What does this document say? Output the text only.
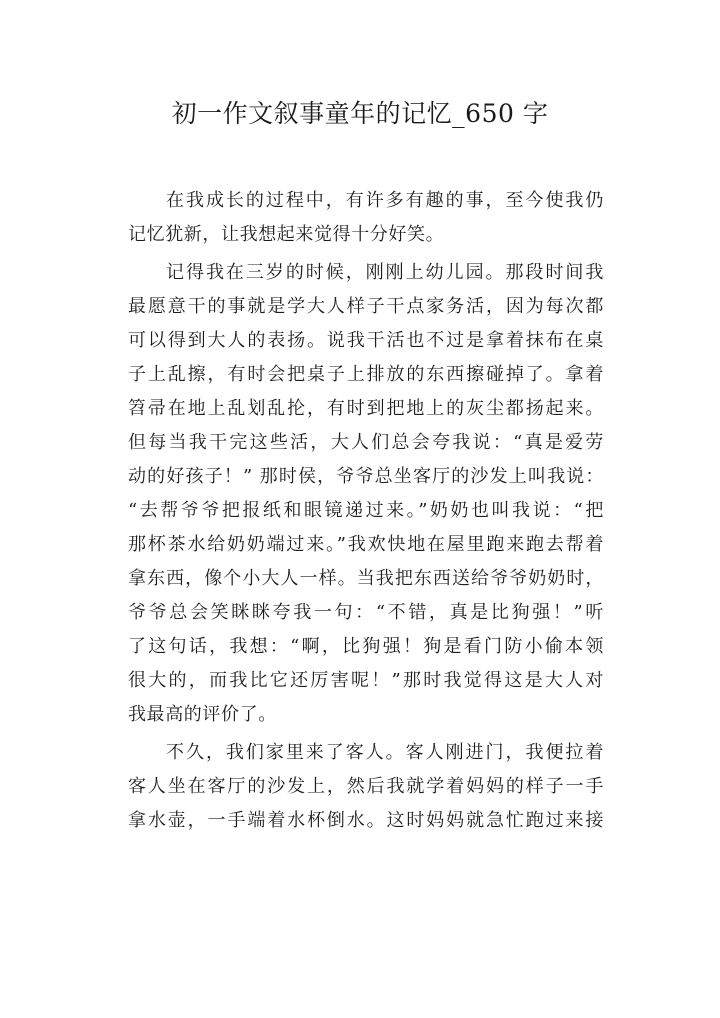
初一作文叙事童年的记忆_650 字
在我成长的过程中，有许多有趣的事，至今使我仍
记忆犹新，让我想起来觉得十分好笑。
记得我在三岁的时候，刚刚上幼儿园。那段时间我
最愿意干的事就是学大人样子干点家务活，因为每次都
可以得到大人的表扬。说我干活也不过是拿着抹布在桌
子上乱擦，有时会把桌子上排放的东西擦碰掉了。拿着
笤帚在地上乱划乱抡，有时到把地上的灰尘都扬起来。
但每当我干完这些活，大人们总会夸我说：“真是爱劳
动的好孩子！” 那时侯，爷爷总坐客厅的沙发上叫我说：
“去帮爷爷把报纸和眼镜递过来。”奶奶也叫我说：“把
那杯茶水给奶奶端过来。”我欢快地在屋里跑来跑去帮着
拿东西，像个小大人一样。当我把东西送给爷爷奶奶时，
爷爷总会笑眯眯夸我一句：“不错，真是比狗强！”听
了这句话，我想：“啊，比狗强！狗是看门防小偷本领
很大的，而我比它还厉害呢！”那时我觉得这是大人对
我最高的评价了。
不久，我们家里来了客人。客人刚进门，我便拉着
客人坐在客厅的沙发上，然后我就学着妈妈的样子一手
拿水壶，一手端着水杯倒水。这时妈妈就急忙跑过来接
